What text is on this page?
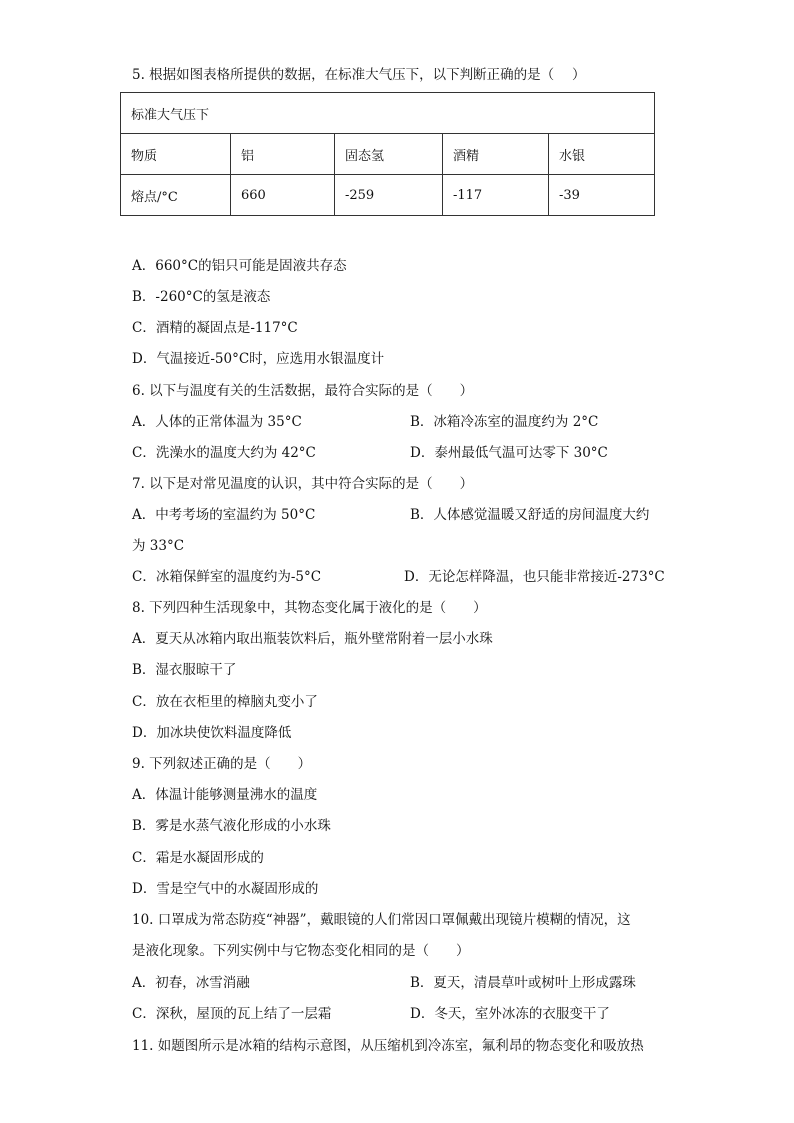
5. 根据如图表格所提供的数据，在标准大气压下，以下判断正确的是（　 ）
标准大气压下				
物质	铝	固态氢	酒精	水银
熔点/°C	660	-259	-117	-39
A．660°C的铝只可能是固液共存态
B．-260°C的氢是液态
C．酒精的凝固点是-117°C
D．气温接近-50°C时，应选用水银温度计
6. 以下与温度有关的生活数据，最符合实际的是（　　）
A．人体的正常体温为 35°C	B．冰箱冷冻室的温度约为 2°C
C．洗澡水的温度大约为 42°C	D．泰州最低气温可达零下 30°C
7. 以下是对常见温度的认识，其中符合实际的是（　　）
A．中考考场的室温约为 50°C	B．人体感觉温暖又舒适的房间温度大约
为 33°C
C．冰箱保鲜室的温度约为-5°C	D．无论怎样降温，也只能非常接近-273°C
8. 下列四种生活现象中，其物态变化属于液化的是（　　）
A．夏天从冰箱内取出瓶装饮料后，瓶外壁常附着一层小水珠
B．湿衣服晾干了
C．放在衣柜里的樟脑丸变小了
D．加冰块使饮料温度降低
9. 下列叙述正确的是（　　）
A．体温计能够测量沸水的温度
B．雾是水蒸气液化形成的小水珠
C．霜是水凝固形成的
D．雪是空气中的水凝固形成的
10. 口罩成为常态防疫“神器”，戴眼镜的人们常因口罩佩戴出现镜片模糊的情况，这
是液化现象。下列实例中与它物态变化相同的是（　　）
A．初春，冰雪消融	B．夏天，清晨草叶或树叶上形成露珠
C．深秋，屋顶的瓦上结了一层霜	D．冬天，室外冰冻的衣服变干了
11. 如题图所示是冰箱的结构示意图，从压缩机到冷冻室，氟利昂的物态变化和吸放热
